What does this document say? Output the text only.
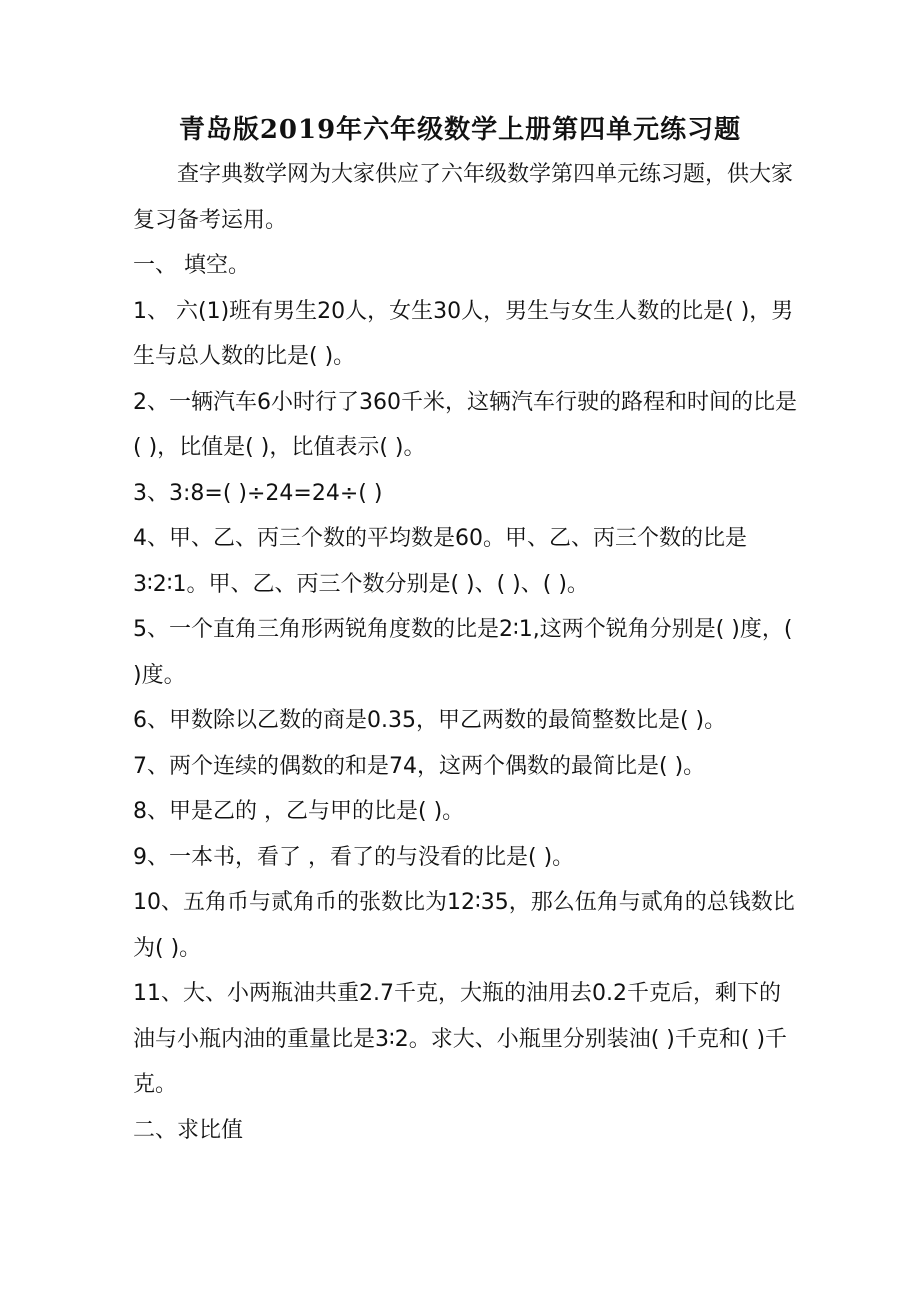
青岛版2019年六年级数学上册第四单元练习题

查字典数学网为大家供应了六年级数学第四单元练习题，供大家复习备考运用。

一、 填空。

1、 六(1)班有男生20人，女生30人，男生与女生人数的比是( )，男生与总人数的比是( )。

2、一辆汽车6小时行了360千米，这辆汽车行驶的路程和时间的比是( )，比值是( )，比值表示( )。

3、3:8=( )÷24=24÷( )

4、甲、乙、丙三个数的平均数是60。甲、乙、丙三个数的比是3∶2∶1。甲、乙、丙三个数分别是( )、( )、( )。

5、一个直角三角形两锐角度数的比是2∶1,这两个锐角分别是( )度，( )度。

6、甲数除以乙数的商是0.35，甲乙两数的最简整数比是( )。

7、两个连续的偶数的和是74，这两个偶数的最简比是( )。

8、甲是乙的 ，乙与甲的比是( )。

9、一本书，看了 ，看了的与没看的比是( )。

10、五角币与贰角币的张数比为12∶35，那么伍角与贰角的总钱数比为( )。

11、大、小两瓶油共重2.7千克，大瓶的油用去0.2千克后，剩下的油与小瓶内油的重量比是3∶2。求大、小瓶里分别装油( )千克和( )千克。

二、求比值
